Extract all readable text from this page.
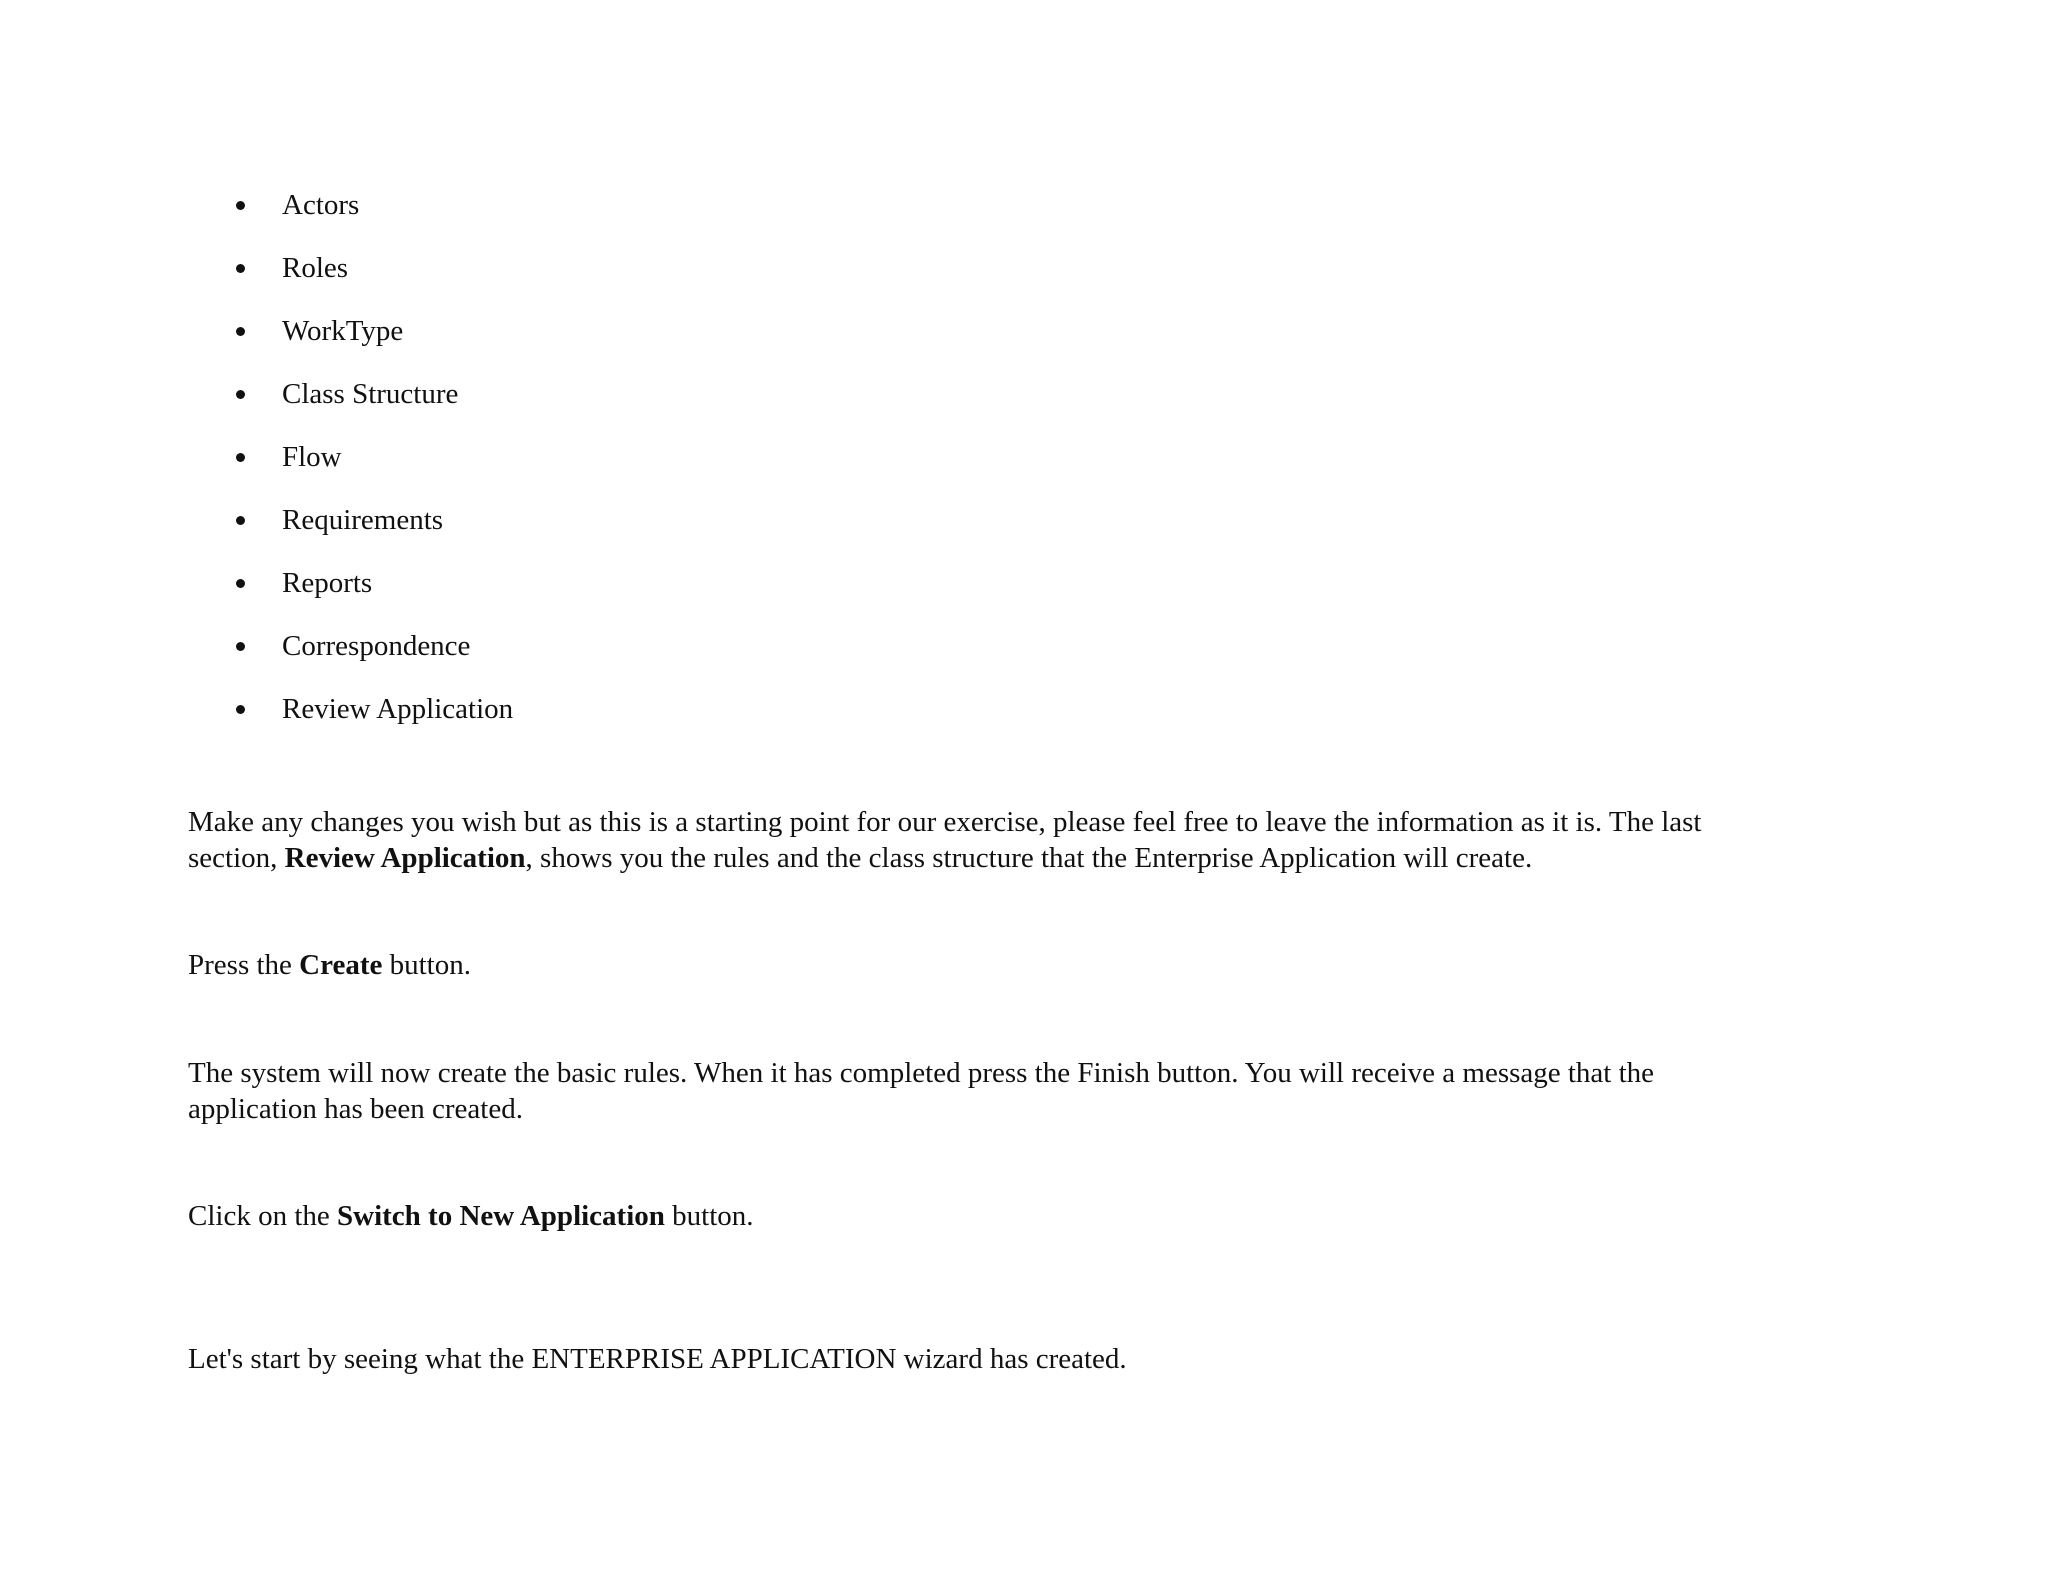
Actors
Roles
WorkType
Class Structure
Flow
Requirements
Reports
Correspondence
Review Application

Make any changes you wish but as this is a starting point for our exercise, please feel free to leave the information as it is. The last
section, Review Application, shows you the rules and the class structure that the Enterprise Application will create.

Press the Create button.

The system will now create the basic rules. When it has completed press the Finish button. You will receive a message that the
application has been created.

Click on the Switch to New Application button.

Let's start by seeing what the ENTERPRISE APPLICATION wizard has created.
